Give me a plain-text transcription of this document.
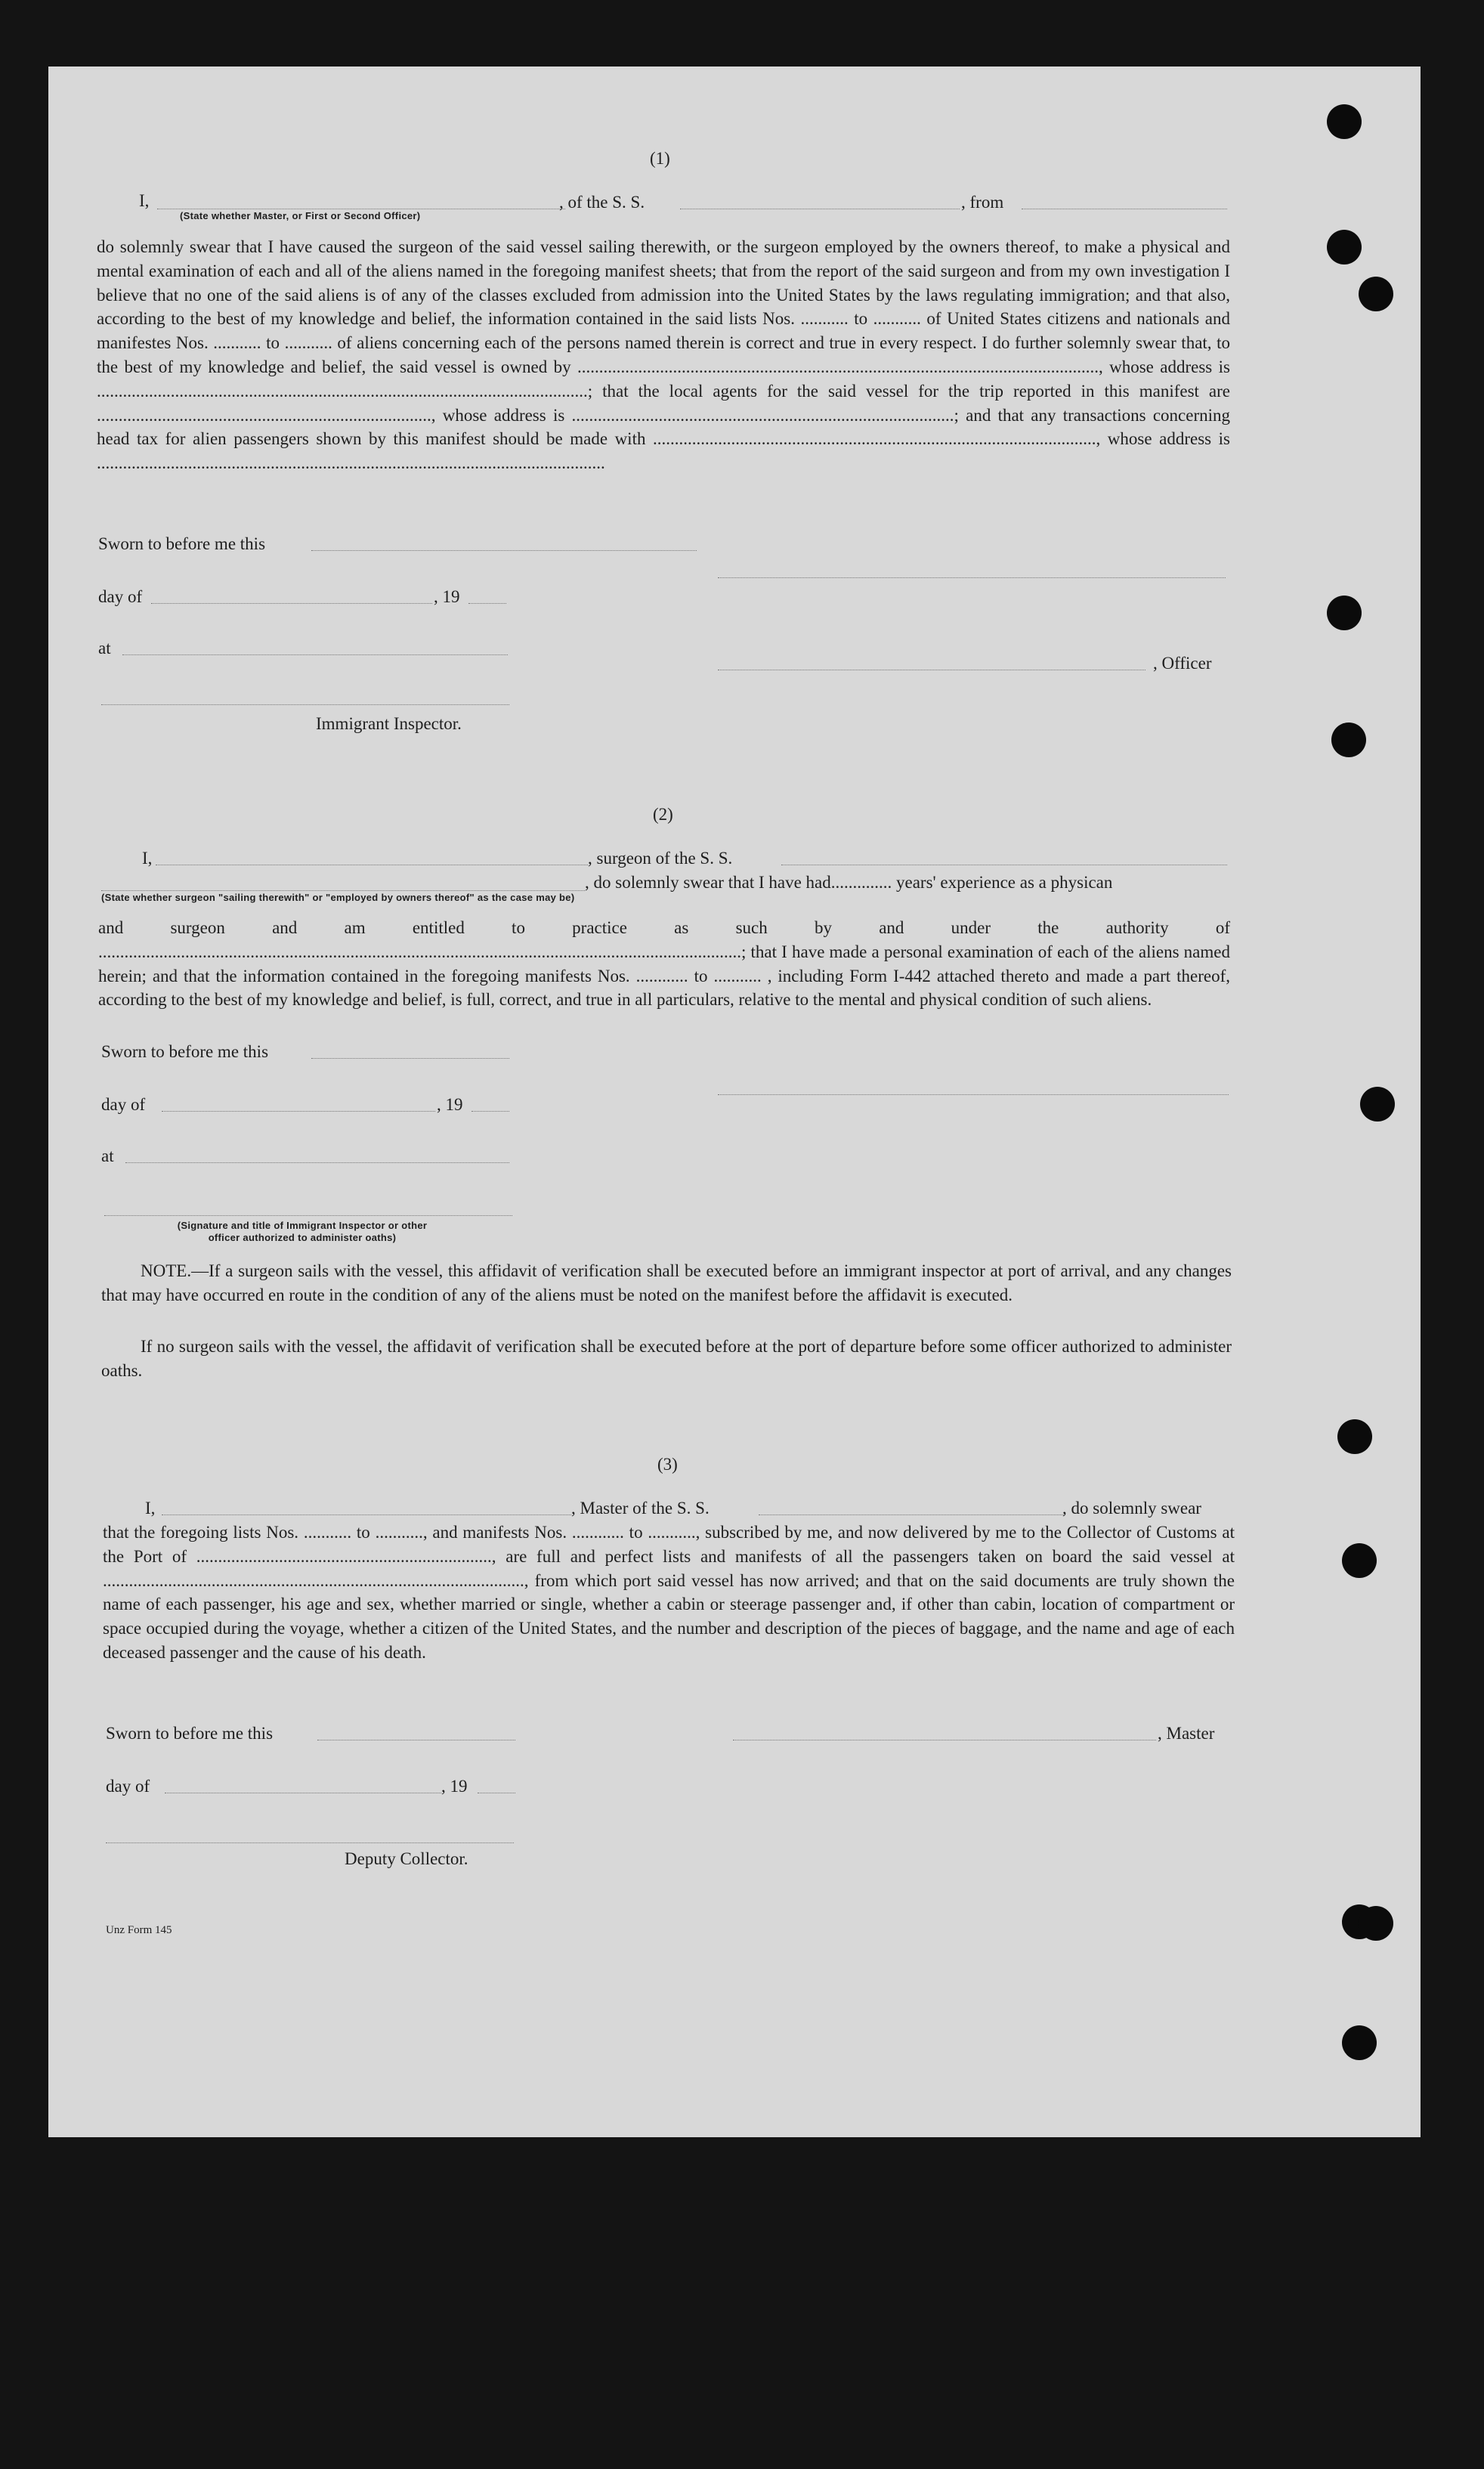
(1)
I,	, of the S. S.	, from
(State whether Master, or First or Second Officer)
do solemnly swear that I have caused the surgeon of the said vessel sailing therewith, or the surgeon employed by the owners thereof, to make a physical and mental examination of each and all of the aliens named in the foregoing manifest sheets; that from the report of the said surgeon and from my own investigation I believe that no one of the said aliens is of any of the classes excluded from admission into the United States by the laws regulating immigration; and that also, according to the best of my knowledge and belief, the information contained in the said lists Nos. ........... to ........... of United States citizens and nationals and manifestes Nos. ........... to ........... of aliens concerning each of the persons named therein is correct and true in every respect. I do further solemnly swear that, to the best of my knowledge and belief, the said vessel is owned by ........................................................................................................................, whose address is .................................................................................................................; that the local agents for the said vessel for the trip reported in this manifest are ............................................................................., whose address is ........................................................................................; and that any transactions concerning head tax for alien passengers shown by this manifest should be made with ......................................................................................................, whose address is .....................................................................................................................
Sworn to before me this
day of	, 19
at
, Officer
Immigrant Inspector.
(2)
I,	, surgeon of the S. S.
, do solemnly swear that I have had.............. years' experience as a physican
(State whether surgeon "sailing therewith" or "employed by owners thereof" as the case may be)
and surgeon and am entitled to practice as such by and under the authority of ....................................................................................................................................................; that I have made a personal examination of each of the aliens named herein; and that the information contained in the foregoing manifests Nos. ............ to ........... , including Form I-442 attached thereto and made a part thereof, according to the best of my knowledge and belief, is full, correct, and true in all particulars, relative to the mental and physical condition of such aliens.
Sworn to before me this
day of	, 19
at
(Signature and title of Immigrant Inspector or other
officer authorized to administer oaths)
NOTE.—If a surgeon sails with the vessel, this affidavit of verification shall be executed before an immigrant inspector at port of arrival, and any changes that may have occurred en route in the condition of any of the aliens must be noted on the manifest before the affidavit is executed.
If no surgeon sails with the vessel, the affidavit of verification shall be executed before at the port of departure before some officer authorized to administer oaths.
(3)
I,	, Master of the S. S.	, do solemnly swear
that the foregoing lists Nos. ........... to ..........., and manifests Nos. ............ to ..........., subscribed by me, and now delivered by me to the Collector of Customs at the Port of ...................................................................., are full and perfect lists and manifests of all the passengers taken on board the said vessel at ................................................................................................., from which port said vessel has now arrived; and that on the said documents are truly shown the name of each passenger, his age and sex, whether married or single, whether a cabin or steerage passenger and, if other than cabin, location of compartment or space occupied during the voyage, whether a citizen of the United States, and the number and description of the pieces of baggage, and the name and age of each deceased passenger and the cause of his death.
Sworn to before me this	, Master
day of	, 19
Deputy Collector.
Unz Form 145
